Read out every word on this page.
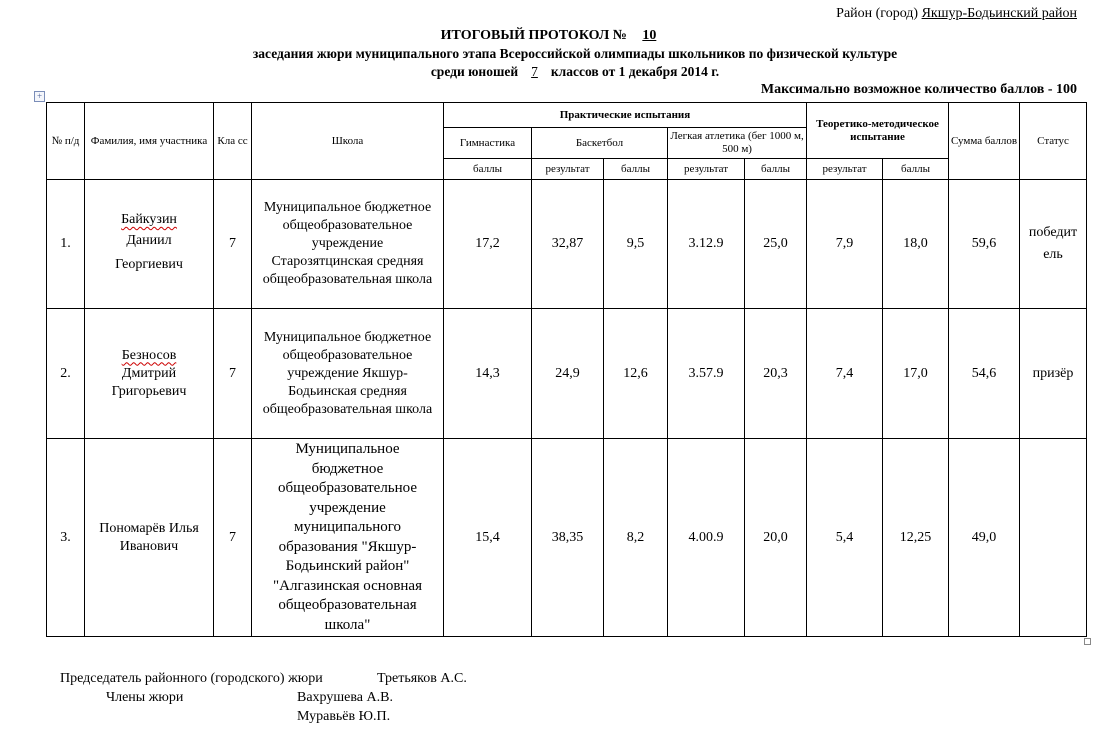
Район (город) Якшур-Бодьинский район
ИТОГОВЫЙ ПРОТОКОЛ № 10
заседания жюри муниципального этапа Всероссийской олимпиады школьников по физической культуре
среди юношей 7 классов от 1 декабря 2014 г.
Максимально возможное количество баллов - 100
+
№ п/д	Фамилия, имя участника	Кла сс	Школа	Практические испытания					Теоретико-методическое испытание		Сумма баллов	Статус
				Гимнастика	Баскетбол		Легкая атлетика (бег 1000 м, 500 м)					
				баллы	результат	баллы	результат	баллы	результат	баллы		
1.	Байкузин
Даниил Георгиевич	7	Муниципальное бюджетное общеобразовательное учреждение Старозятцинская средняя общеобразовательная школа	17,2	32,87	9,5	3.12.9	25,0	7,9	18,0	59,6	победитель
2.	Безносов
Дмитрий Григорьевич	7	Муниципальное бюджетное общеобразовательное учреждение Якшур-Бодьинская средняя общеобразовательная школа	14,3	24,9	12,6	3.57.9	20,3	7,4	17,0	54,6	призёр
3.	Пономарёв Илья
Иванович	7	Муниципальное бюджетное общеобразовательное учреждение муниципального образования "Якшур-Бодьинский район" "Алгазинская основная общеобразовательная школа"	15,4	38,35	8,2	4.00.9	20,0	5,4	12,25	49,0	
Председатель районного (городского) жюри	Третьяков А.С.
Члены жюри	Вахрушева А.В.
Муравьёв Ю.П.
